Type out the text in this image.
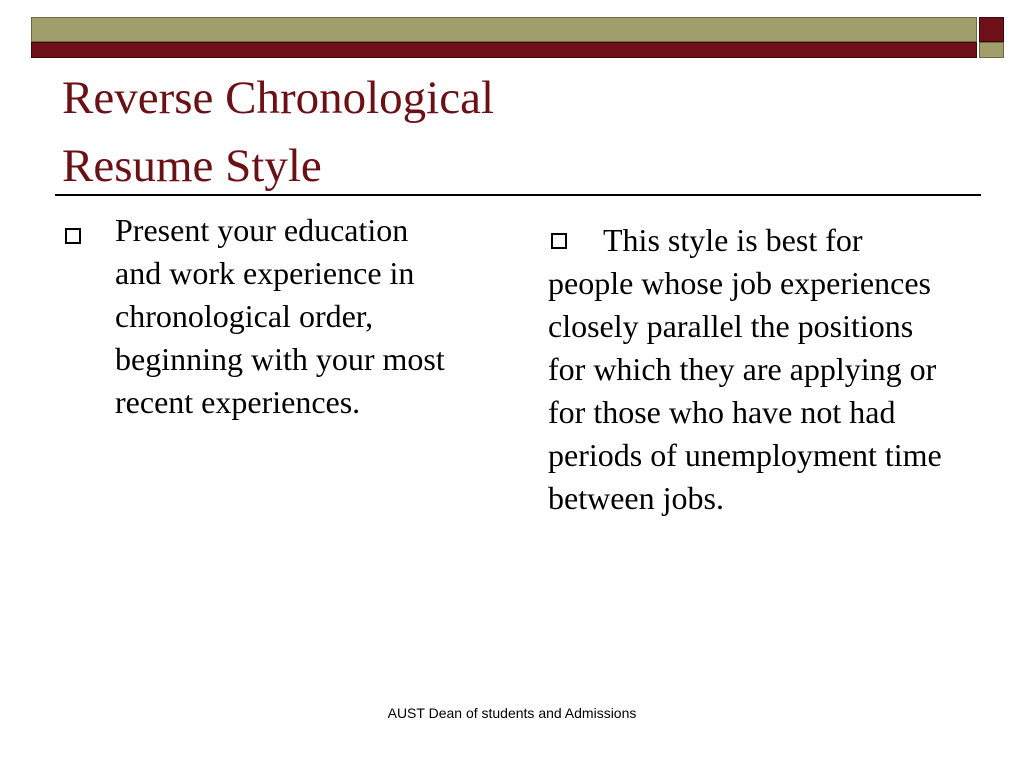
Reverse Chronological
Resume Style

Present your education and work experience in chronological order, beginning with your most recent experiences.

This style is best for people whose job experiences closely parallel the positions for which they are applying or for those who have not had periods of unemployment time between jobs.

AUST Dean of students and Admissions
